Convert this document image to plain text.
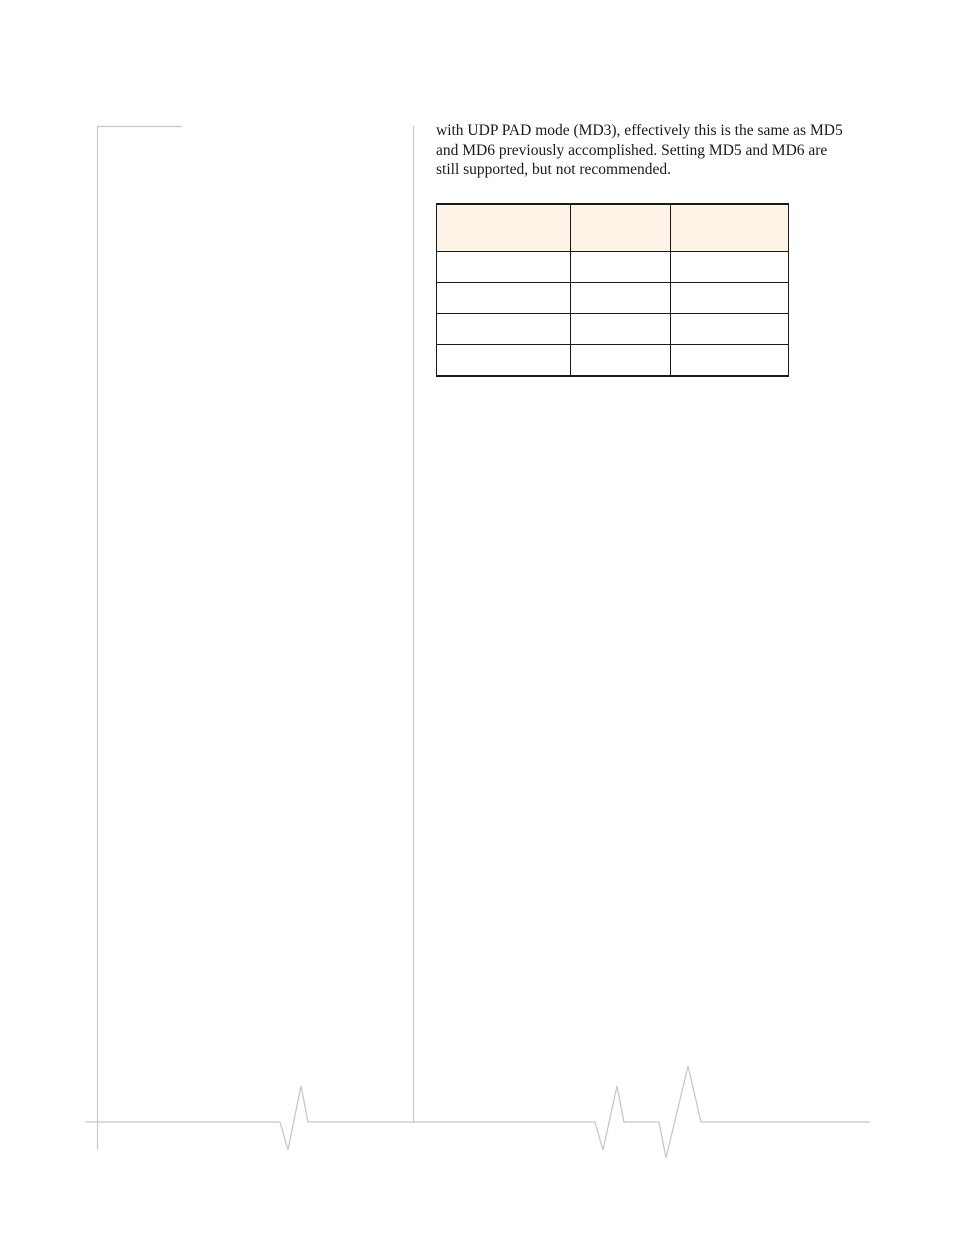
with UDP PAD mode (MD3), effectively this is the same as MD5 and MD6 previously accomplished. Setting MD5 and MD6 are still supported, but not recommended.
